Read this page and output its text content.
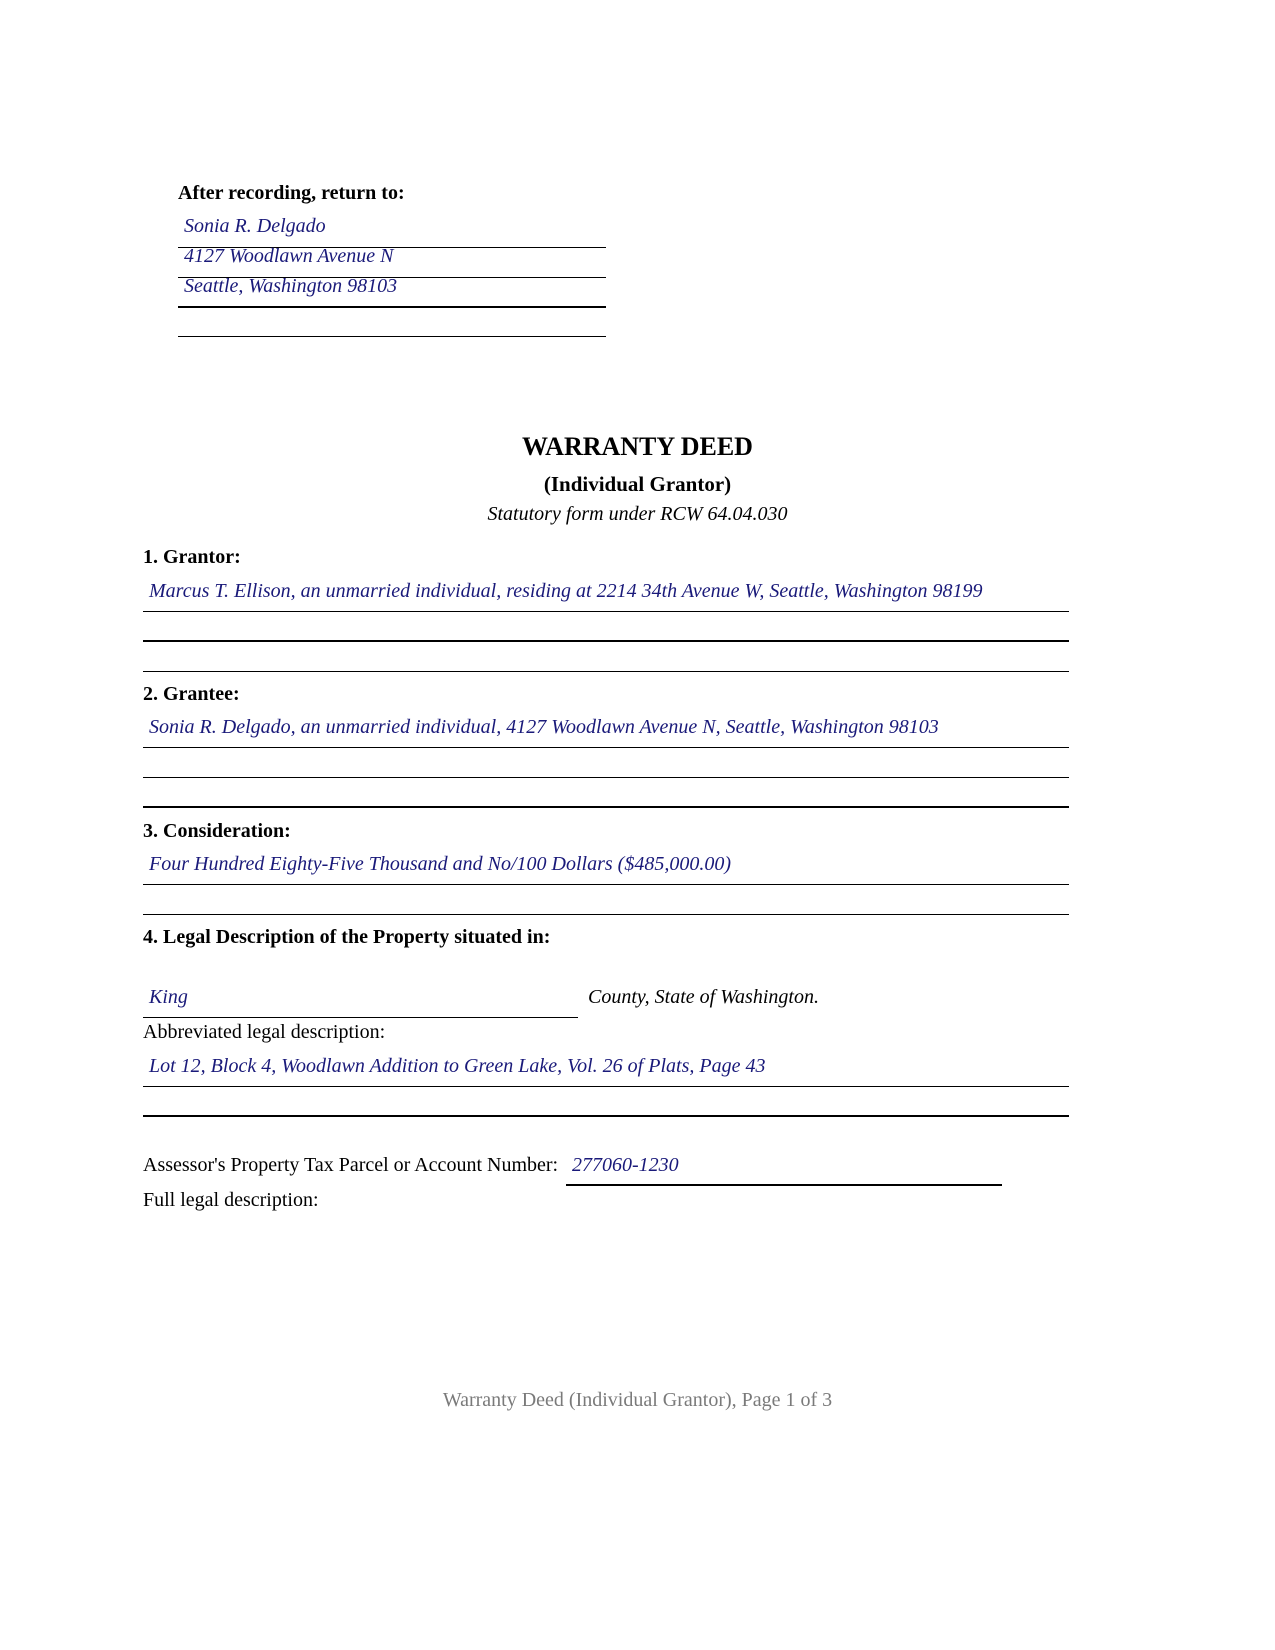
After recording, return to:
Sonia R. Delgado
4127 Woodlawn Avenue N
Seattle, Washington 98103
WARRANTY DEED
(Individual Grantor)
Statutory form under RCW 64.04.030
1. Grantor:
Marcus T. Ellison, an unmarried individual, residing at 2214 34th Avenue W, Seattle, Washington 98199
2. Grantee:
Sonia R. Delgado, an unmarried individual, 4127 Woodlawn Avenue N, Seattle, Washington 98103
3. Consideration:
Four Hundred Eighty-Five Thousand and No/100 Dollars ($485,000.00)
4. Legal Description of the Property situated in:
King	County, State of Washington.
Abbreviated legal description:
Lot 12, Block 4, Woodlawn Addition to Green Lake, Vol. 26 of Plats, Page 43
Assessor's Property Tax Parcel or Account Number: 277060-1230
Full legal description:
Warranty Deed (Individual Grantor), Page 1 of 3
